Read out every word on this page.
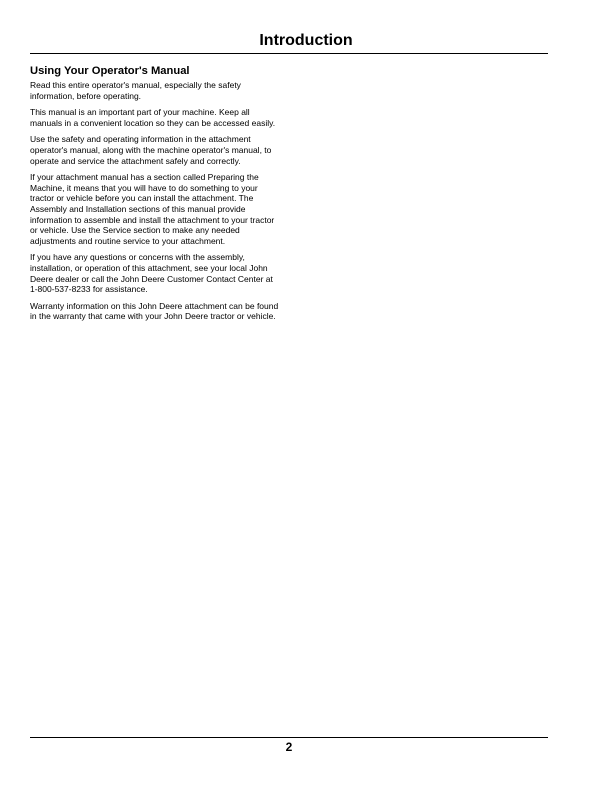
Introduction
Using Your Operator's Manual

Read this entire operator's manual, especially the safety information, before operating.

This manual is an important part of your machine. Keep all manuals in a convenient location so they can be accessed easily.

Use the safety and operating information in the attachment operator's manual, along with the machine operator's manual, to operate and service the attachment safely and correctly.

If your attachment manual has a section called Preparing the Machine, it means that you will have to do something to your tractor or vehicle before you can install the attachment. The Assembly and Installation sections of this manual provide information to assemble and install the attachment to your tractor or vehicle. Use the Service section to make any needed adjustments and routine service to your attachment.

If you have any questions or concerns with the assembly, installation, or operation of this attachment, see your local John Deere dealer or call the John Deere Customer Contact Center at 1-800-537-8233 for assistance.

Warranty information on this John Deere attachment can be found in the warranty that came with your John Deere tractor or vehicle.

2
